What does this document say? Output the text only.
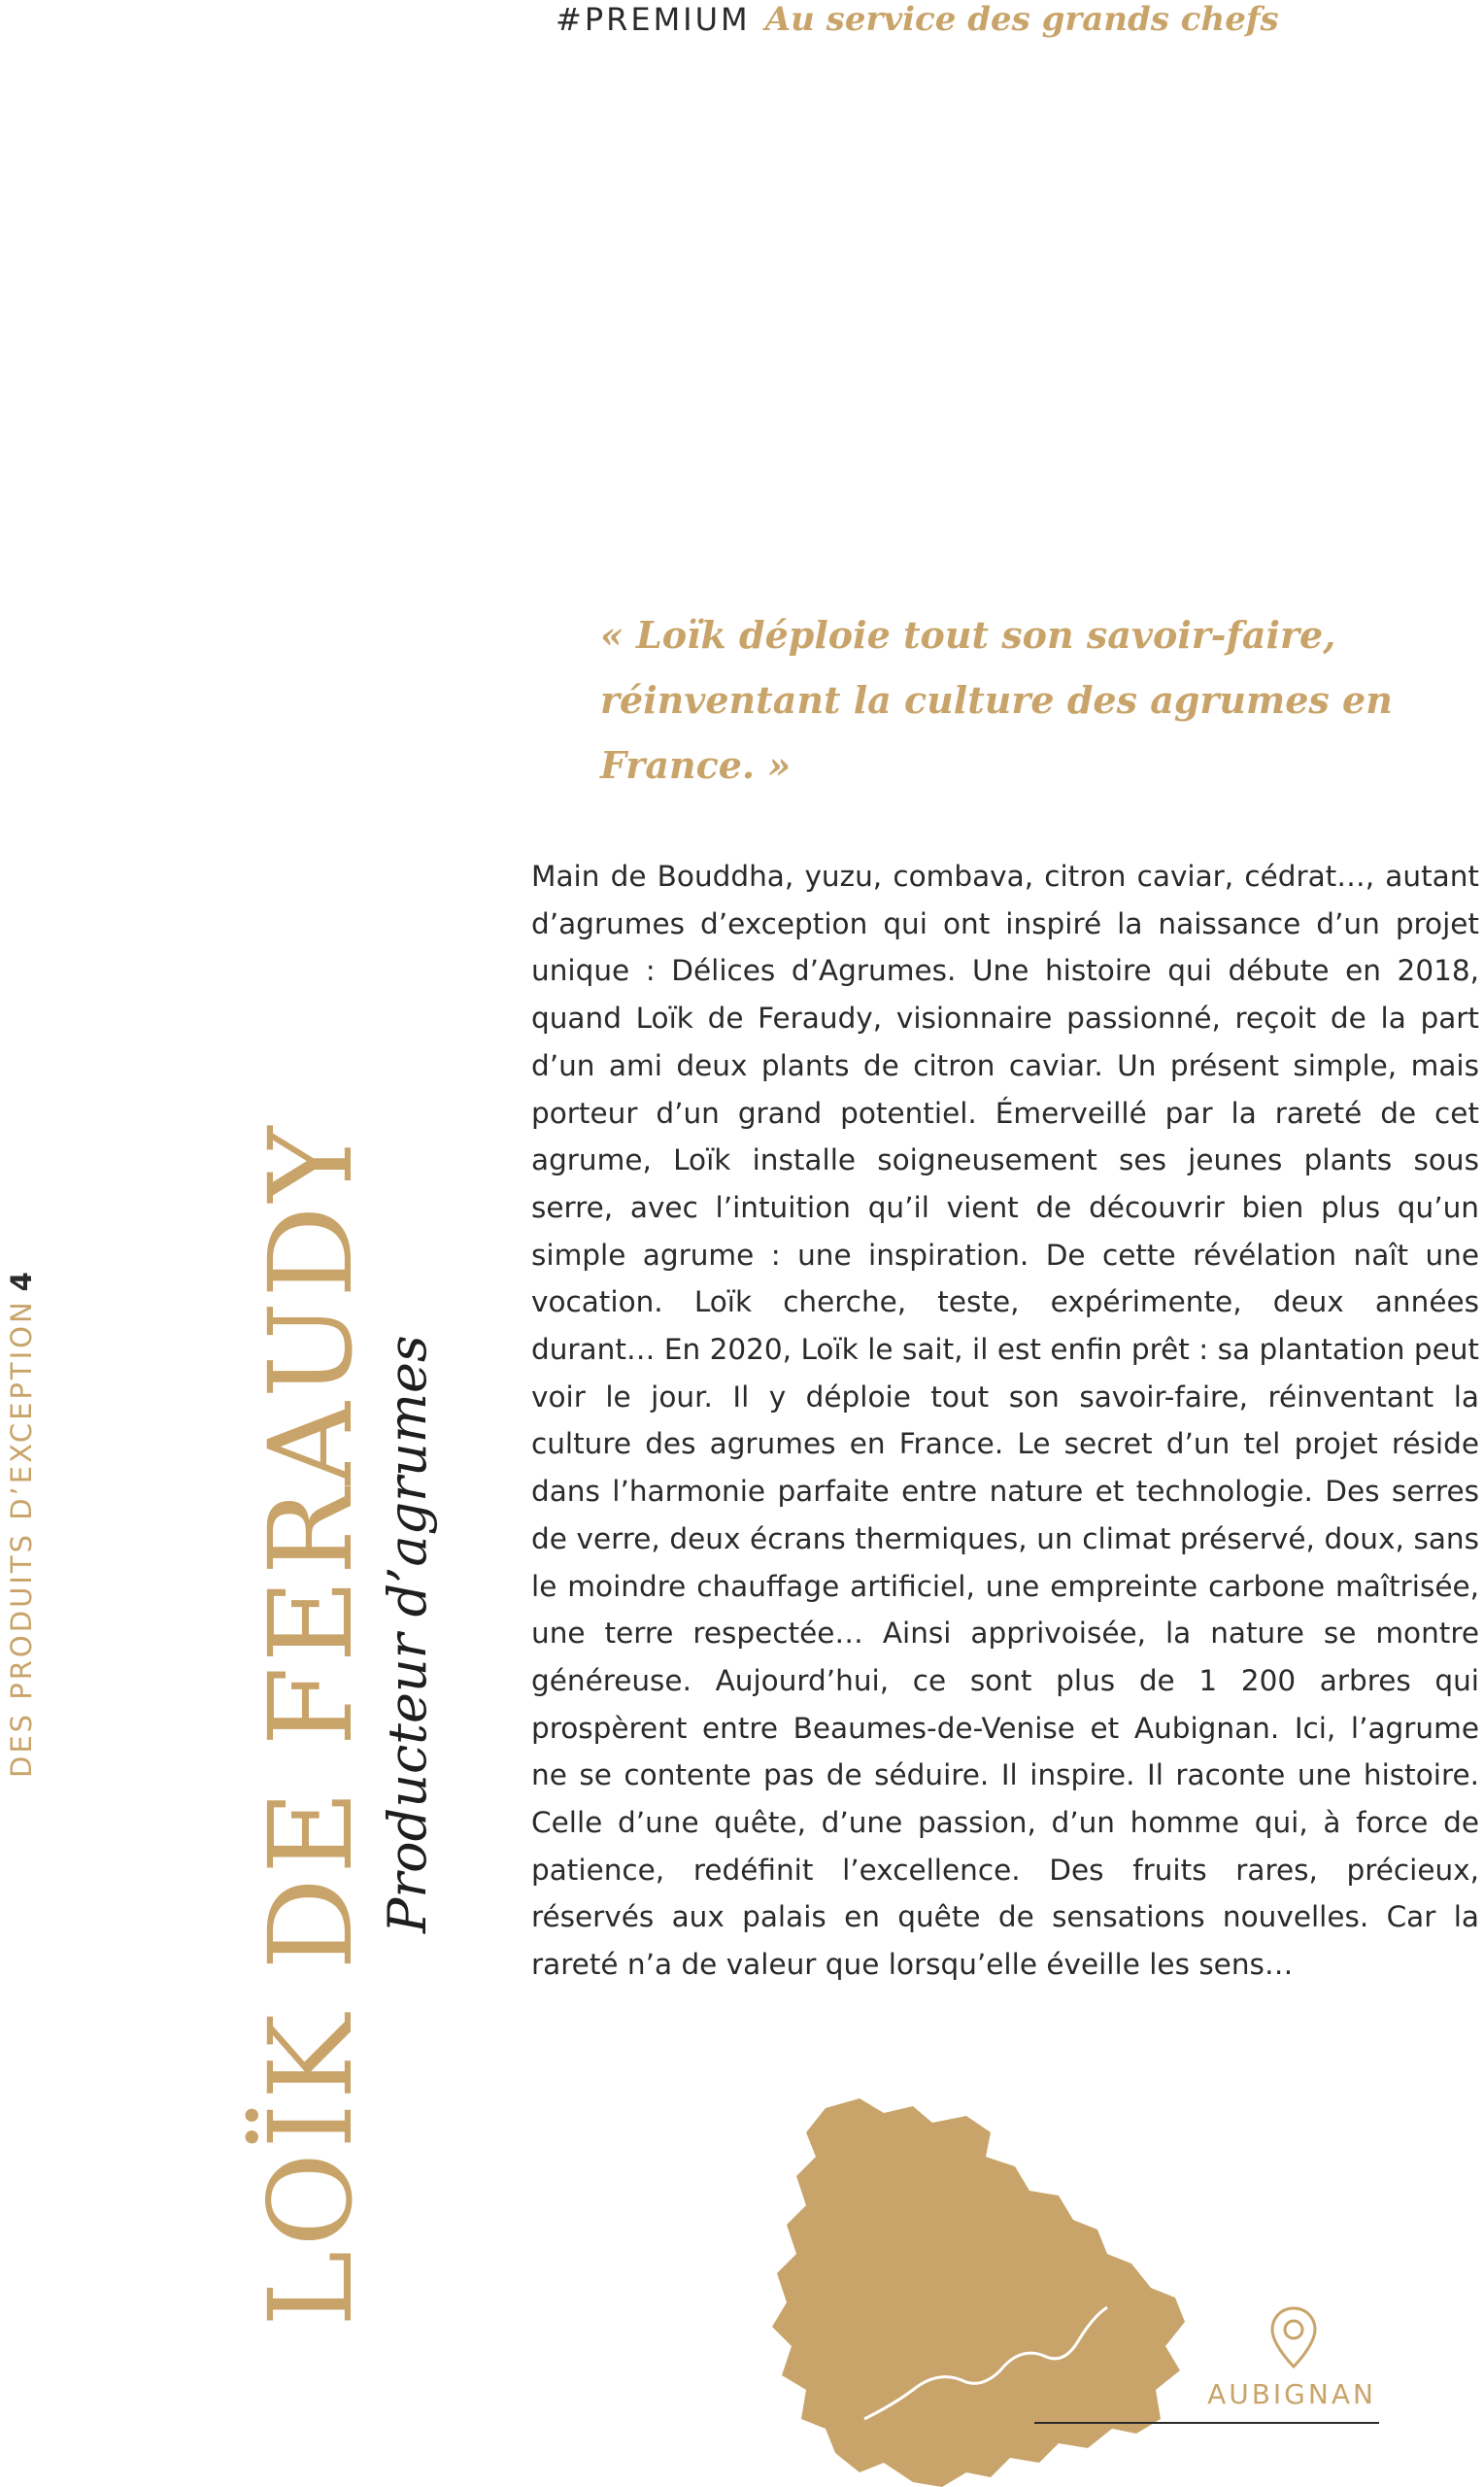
#PREMIUM Au service des grands chefs
DES PRODUITS D’EXCEPTION4 LOÏK DE FERAUDY Producteur d’agrumes
« Loïk déploie tout son savoir-faire, réinventant la culture des agrumes en France. »

Main de Bouddha, yuzu, combava, citron caviar, cédrat…, autant d’agrumes d’exception qui ont inspiré la naissance d’un projet unique : Délices d’Agrumes. Une histoire qui débute en 2018, quand Loïk de Feraudy, visionnaire passionné, reçoit de la part d’un ami deux plants de citron caviar. Un présent simple, mais porteur d’un grand potentiel. Émerveillé par la rareté de cet agrume, Loïk installe soigneusement ses jeunes plants sous serre, avec l’intuition qu’il vient de découvrir bien plus qu’un simple agrume : une inspiration. De cette révélation naît une vocation. Loïk cherche, teste, expérimente, deux années durant… En 2020, Loïk le sait, il est enfin prêt : sa plantation peut voir le jour. Il y déploie tout son savoir-faire, réinventant la culture des agrumes en France. Le secret d’un tel projet réside dans l’harmonie parfaite entre nature et technologie. Des serres de verre, deux écrans thermiques, un climat préservé, doux, sans le moindre chauffage artificiel, une empreinte carbone maîtrisée, une terre respectée… Ainsi apprivoisée, la nature se montre généreuse. Aujourd’hui, ce sont plus de 1 200 arbres qui prospèrent entre Beaumes-de-Venise et Aubignan. Ici, l’agrume ne se contente pas de séduire. Il inspire. Il raconte une histoire. Celle d’une quête, d’une passion, d’un homme qui, à force de patience, redéfinit l’excellence. Des fruits rares, précieux, réservés aux palais en quête de sensations nouvelles. Car la rareté n’a de valeur que lorsqu’elle éveille les sens…

AUBIGNAN
